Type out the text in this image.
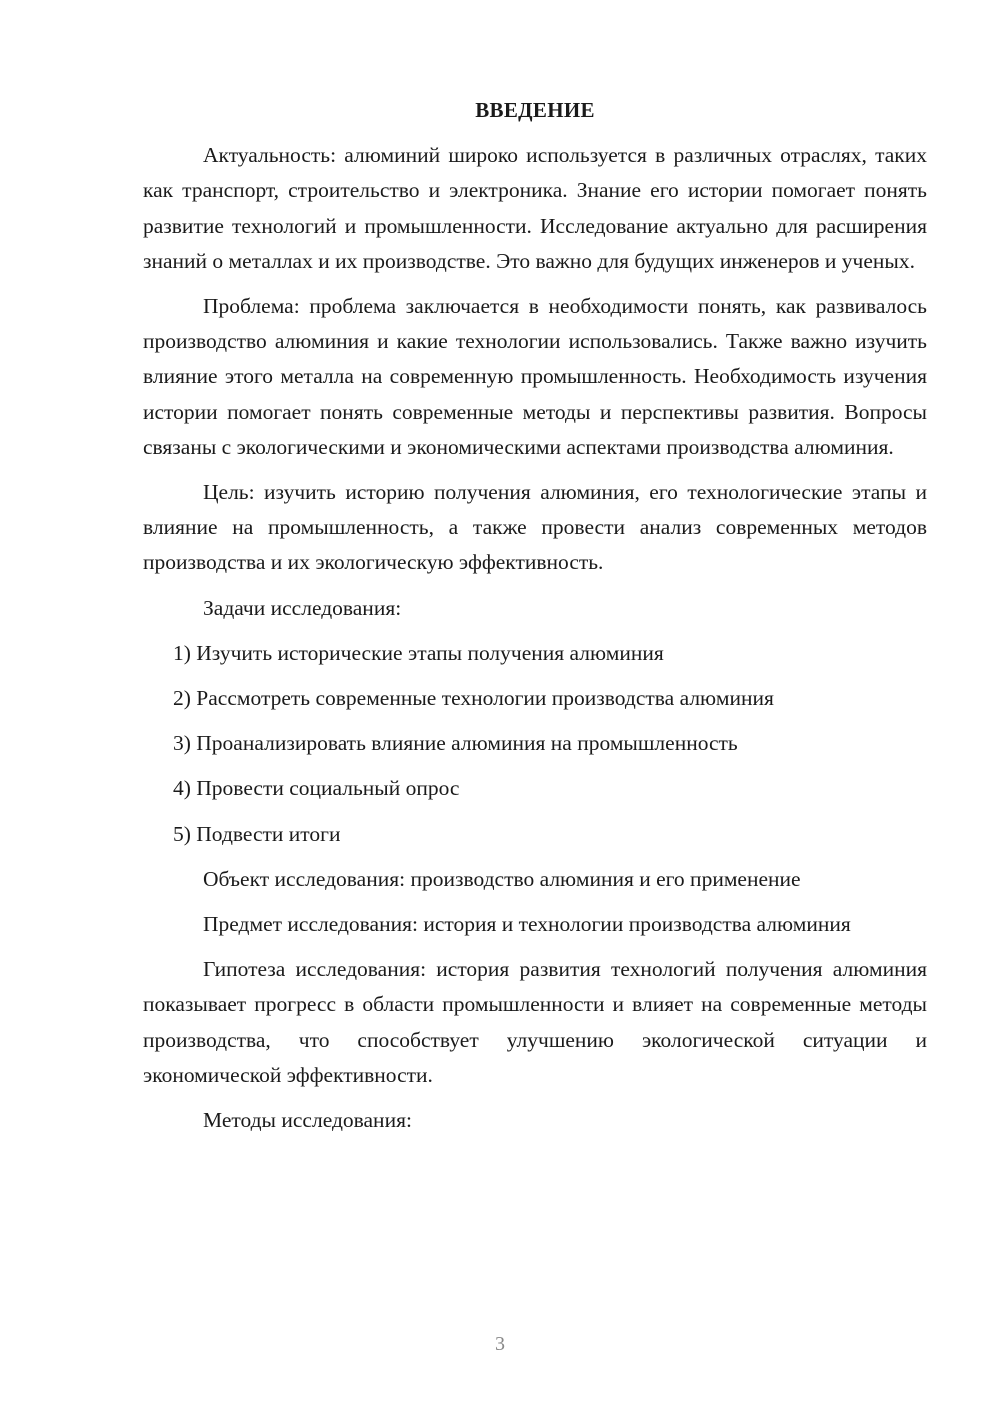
ВВЕДЕНИЕ

Актуальность: алюминий широко используется в различных отраслях, таких как транспорт, строительство и электроника. Знание его истории помогает понять развитие технологий и промышленности. Исследование актуально для расширения знаний о металлах и их производстве. Это важно для будущих инженеров и ученых.

Проблема: проблема заключается в необходимости понять, как развивалось производство алюминия и какие технологии использовались. Также важно изучить влияние этого металла на современную промышленность. Необходимость изучения истории помогает понять современные методы и перспективы развития. Вопросы связаны с экологическими и экономическими аспектами производства алюминия.

Цель: изучить историю получения алюминия, его технологические этапы и влияние на промышленность, а также провести анализ современных методов производства и их экологическую эффективность.

Задачи исследования:

1) Изучить исторические этапы получения алюминия
2) Рассмотреть современные технологии производства алюминия
3) Проанализировать влияние алюминия на промышленность
4) Провести социальный опрос
5) Подвести итоги

Объект исследования: производство алюминия и его применение

Предмет исследования: история и технологии производства алюминия

Гипотеза исследования: история развития технологий получения алюминия показывает прогресс в области промышленности и влияет на современные методы производства, что способствует улучшению экологической ситуации и экономической эффективности.

Методы исследования:

3
